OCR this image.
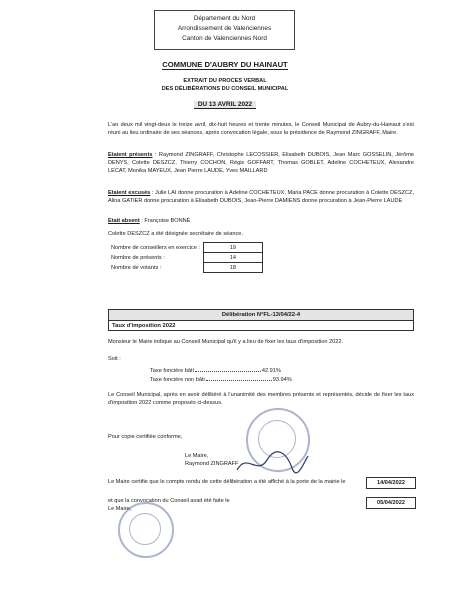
Département du Nord
Arrondissement de Valenciennes
Canton de Valenciennes Nord
COMMUNE D'AUBRY DU HAINAUT
EXTRAIT DU PROCES VERBAL
DES DÉLIBÉRATIONS DU CONSEIL MUNICIPAL
DU 13 AVRIL 2022
L'an deux mil vingt-deux le treize avril, dix-huit heures et trente minutes, le Conseil Municipal de Aubry-du-Hainaut s'est réuni au lieu ordinaire de ses séances, après convocation légale, sous la présidence de Raymond ZINGRAFF, Maire.
Etaient présents : Raymond ZINGRAFF, Christophe LECOSSIER, Elisabeth DUBOIS, Jean Marc GOSSELIN, Jérôme DENYS, Colette DESZCZ, Thierry COCHON, Régis GOFFART, Thomas GOBLET, Adeline COCHETEUX, Alexandre LECAT, Monika MAYEUX, Jean Pierre LAUDE, Yves MAILLARD
Etaient excusés : Julie LAI donne procuration à Adeline COCHETEUX, Maria PACE donne procuration à Colette DESZCZ, Alina GATIER donne procuration à Elisabeth DUBOIS, Jean-Pierre DAMIENS donne procuration à Jean-Pierre LAUDE
Etait absent : Françoise BONNÉ
Colette DESZCZ a été désignée secrétaire de séance.
Nombre de conseillers en exercice :	19
Nombre de présents :	14
Nombre de votants :	18
Délibération N°FL-13/04/22-4
Taux d'imposition 2022
Monsieur le Maire indique au Conseil Municipal qu'il y a lieu de fixer les taux d'imposition 2022.
Soit :
Taxe foncière bâti	42.91%
Taxe foncière non bâti	93.94%
Le Conseil Municipal, après en avoir délibéré à l'unanimité des membres présents et représentés, décide de fixer les taux d'imposition 2022 comme proposés ci-dessus.
Pour copie certifiée conforme,
Le Maire,
Raymond ZINGRAFF
Le Maire certifie que le compte rendu de cette délibération a été affiché à la porte de la mairie le	14/04/2022
et que la convocation du Conseil avait été faite le	05/04/2022
Le Maire,
